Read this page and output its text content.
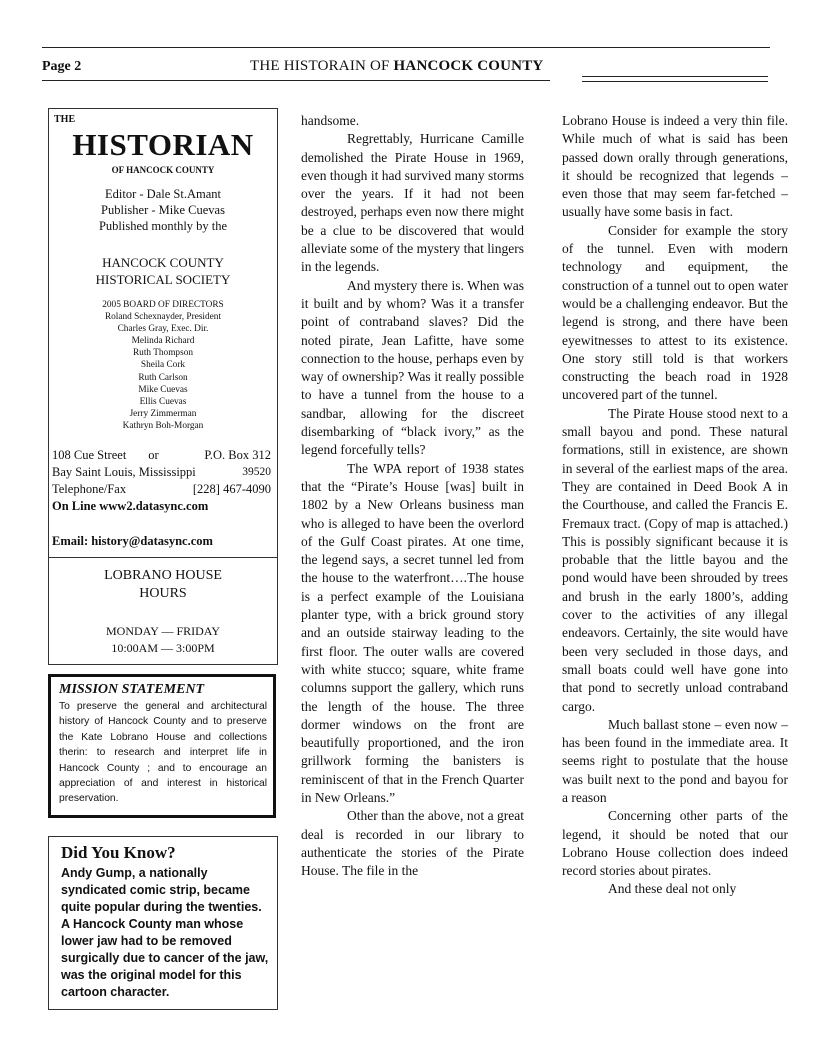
Page 2	THE HISTORAIN OF HANCOCK COUNTY
THE
HISTORIAN
OF HANCOCK COUNTY
Editor - Dale St.Amant
Publisher - Mike Cuevas
Published monthly by the
HANCOCK COUNTY
HISTORICAL SOCIETY
2005 BOARD OF DIRECTORS
Roland Schexnayder, President
Charles Gray, Exec. Dir.
Melinda Richard
Ruth Thompson
Sheila Cork
Ruth Carlson
Mike Cuevas
Ellis Cuevas
Jerry Zimmerman
Kathryn Boh-Morgan
108 Cue Street or	P.O. Box 312
Bay Saint Louis, Mississippi	39520
Telephone/Fax	[228] 467-4090
On Line www2.datasync.com
Email: history@datasync.com
LOBRANO HOUSE
HOURS
MONDAY — FRIDAY
10:00AM — 3:00PM
MISSION STATEMENT
To preserve the general and architectural history of Hancock County and to preserve the Kate Lobrano House and collections therin: to research and interpret life in Hancock County ; and to encourage an appreciation of and interest in historical preservation.
Did You Know?
Andy Gump, a nationally syndicated comic strip, became quite popular during the twenties. A Hancock County man whose lower jaw had to be removed surgically due to cancer of the jaw, was the original model for this cartoon character.

handsome.

Regrettably, Hurricane Camille demolished the Pirate House in 1969, even though it had survived many storms over the years. If it had not been destroyed, perhaps even now there might be a clue to be discovered that would alleviate some of the mystery that lingers in the legends.

And mystery there is. When was it built and by whom? Was it a transfer point of contraband slaves? Did the noted pirate, Jean Lafitte, have some connection to the house, perhaps even by way of ownership? Was it really possible to have a tunnel from the house to a sandbar, allowing for the discreet disembarking of “black ivory,” as the legend forcefully tells?

The WPA report of 1938 states that the “Pirate’s House [was] built in 1802 by a New Orleans business man who is alleged to have been the overlord of the Gulf Coast pirates. At one time, the legend says, a secret tunnel led from the house to the waterfront….The house is a perfect example of the Louisiana planter type, with a brick ground story and an outside stairway leading to the first floor. The outer walls are covered with white stucco; square, white frame columns support the gallery, which runs the length of the house. The three dormer windows on the front are beautifully proportioned, and the iron grillwork forming the banisters is reminiscent of that in the French Quarter in New Orleans.”

Other than the above, not a great deal is recorded in our library to authenticate the stories of the Pirate House. The file in the

Lobrano House is indeed a very thin file. While much of what is said has been passed down orally through generations, it should be recognized that legends – even those that may seem far-fetched – usually have some basis in fact.

Consider for example the story of the tunnel. Even with modern technology and equipment, the construction of a tunnel out to open water would be a challenging endeavor. But the legend is strong, and there have been eyewitnesses to attest to its existence. One story still told is that workers constructing the beach road in 1928 uncovered part of the tunnel.

The Pirate House stood next to a small bayou and pond. These natural formations, still in existence, are shown in several of the earliest maps of the area. They are contained in Deed Book A in the Courthouse, and called the Francis E. Fremaux tract. (Copy of map is attached.) This is possibly significant because it is probable that the little bayou and the pond would have been shrouded by trees and brush in the early 1800’s, adding cover to the activities of any illegal endeavors. Certainly, the site would have been very secluded in those days, and small boats could well have gone into that pond to secretly unload contraband cargo.

Much ballast stone – even now – has been found in the immediate area. It seems right to postulate that the house was built next to the pond and bayou for a reason

Concerning other parts of the legend, it should be noted that our Lobrano House collection does indeed record stories about pirates.

And these deal not only
